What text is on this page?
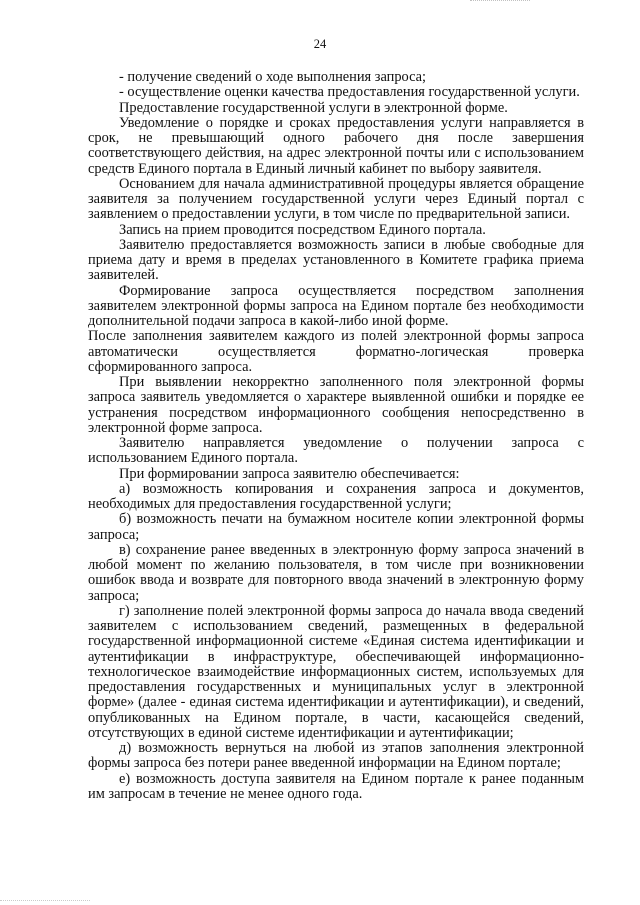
24

- получение сведений о ходе выполнения запроса;

- осуществление оценки качества предоставления государственной услуги.

Предоставление государственной услуги в электронной форме.

Уведомление о порядке и сроках предоставления услуги направляется в срок, не превышающий одного рабочего дня после завершения соответствующего действия, на адрес электронной почты или с использованием средств Единого портала в Единый личный кабинет по выбору заявителя.

Основанием для начала административной процедуры является обращение заявителя за получением государственной услуги через Единый портал с заявлением о предоставлении услуги, в том числе по предварительной записи.

Запись на прием проводится посредством Единого портала.

Заявителю предоставляется возможность записи в любые свободные для приема дату и время в пределах установленного в Комитете графика приема заявителей.

Формирование запроса осуществляется посредством заполнения заявителем электронной формы запроса на Едином портале без необходимости дополнительной подачи запроса в какой-либо иной форме.

После заполнения заявителем каждого из полей электронной формы запроса автоматически осуществляется форматно-логическая проверка сформированного запроса.

При выявлении некорректно заполненного поля электронной формы запроса заявитель уведомляется о характере выявленной ошибки и порядке ее устранения посредством информационного сообщения непосредственно в электронной форме запроса.

Заявителю направляется уведомление о получении запроса с использованием Единого портала.

При формировании запроса заявителю обеспечивается:

а) возможность копирования и сохранения запроса и документов, необходимых для предоставления государственной услуги;

б) возможность печати на бумажном носителе копии электронной формы запроса;

в) сохранение ранее введенных в электронную форму запроса значений в любой момент по желанию пользователя, в том числе при возникновении ошибок ввода и возврате для повторного ввода значений в электронную форму запроса;

г) заполнение полей электронной формы запроса до начала ввода сведений заявителем с использованием сведений, размещенных в федеральной государственной информационной системе «Единая система идентификации и аутентификации в инфраструктуре, обеспечивающей информационно-технологическое взаимодействие информационных систем, используемых для предоставления государственных и муниципальных услуг в электронной форме» (далее - единая система идентификации и аутентификации), и сведений, опубликованных на Едином портале, в части, касающейся сведений, отсутствующих в единой системе идентификации и аутентификации;

д) возможность вернуться на любой из этапов заполнения электронной формы запроса без потери ранее введенной информации на Едином портале;

е) возможность доступа заявителя на Едином портале к ранее поданным им запросам в течение не менее одного года.
